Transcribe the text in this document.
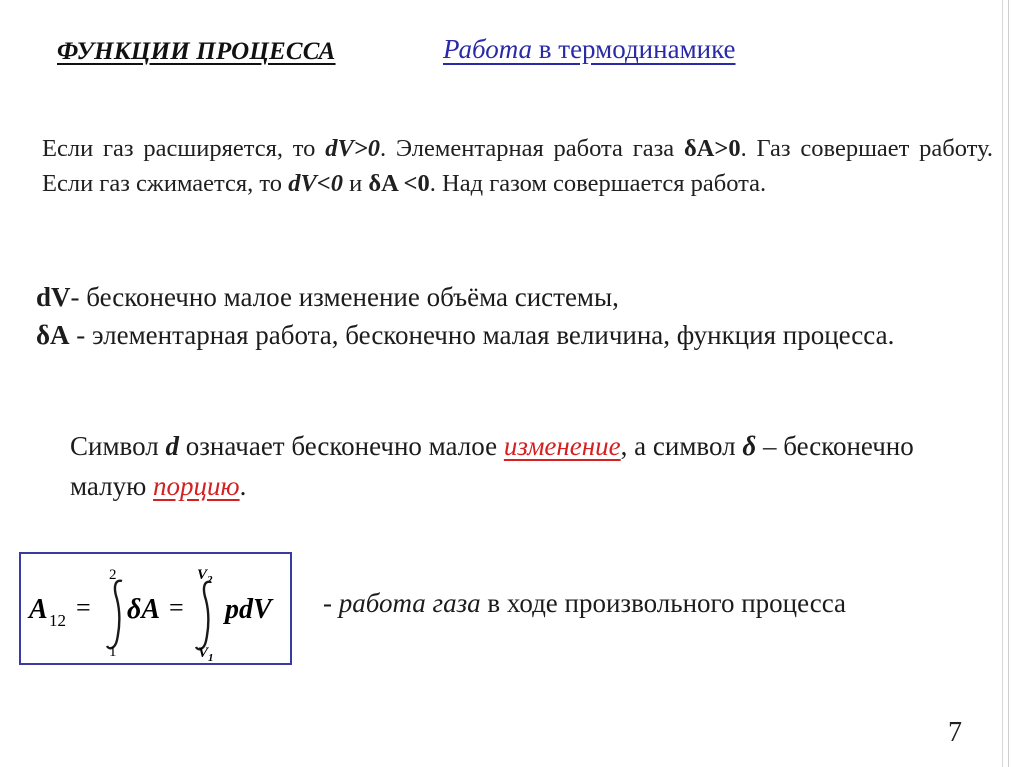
ФУНКЦИИ ПРОЦЕССА	Работа в термодинамике
Если газ расширяется, то dV>0. Элементарная работа газа δA>0. Газ совершает работу. Если газ сжимается, то dV<0 и δA <0. Над газом совершается работа.
dV- бесконечно малое изменение объёма системы,
δA - элементарная работа, бесконечно малая величина, функция процесса.
Символ d означает бесконечно малое изменение, а символ δ – бесконечно малую порцию.
A 12 =
2
1
δA =
V 2
V 1
pdV - работа газа в ходе произвольного процесса
7
